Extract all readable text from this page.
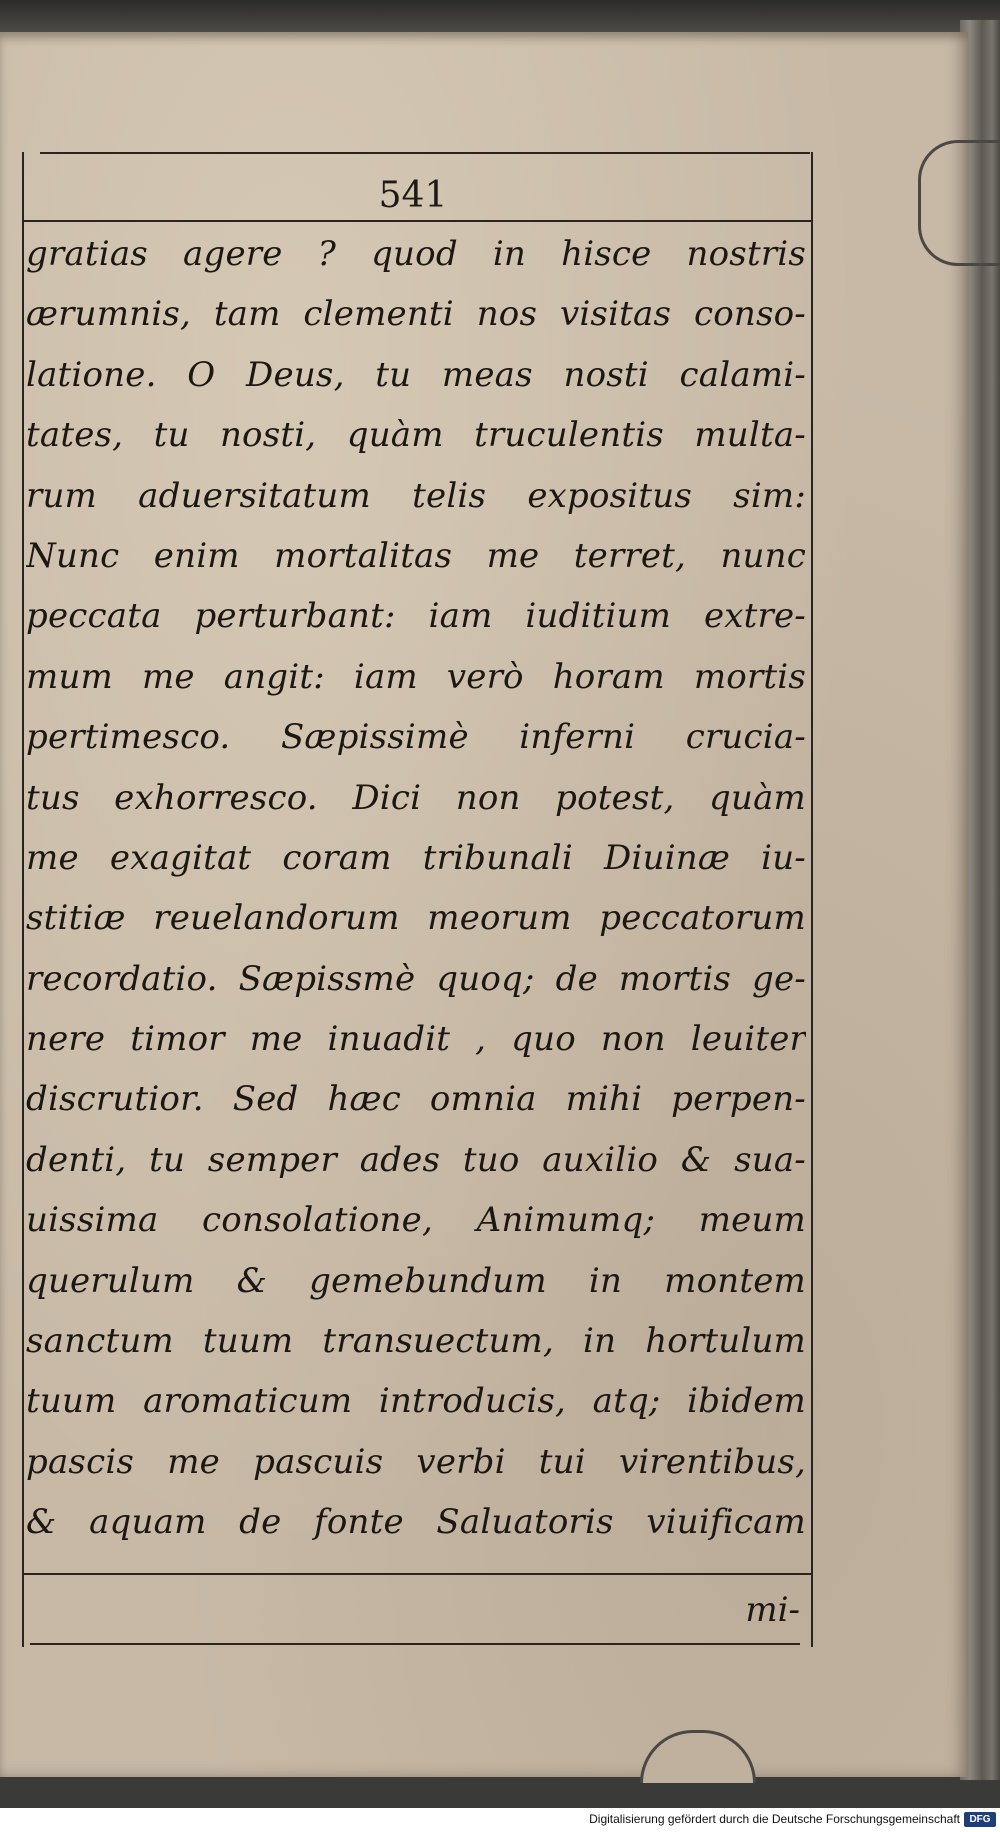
541
gratias agere ? quod in hisce nostris
ærumnis, tam clementi nos visitas conso-
latione. O Deus, tu meas nosti calami-
tates, tu nosti, quàm truculentis multa-
rum aduersitatum telis expositus sim:
Nunc enim mortalitas me terret, nunc
peccata perturbant: iam iuditium extre-
mum me angit: iam verò horam mortis
pertimesco. Sæpissimè inferni crucia-
tus exhorresco. Dici non potest, quàm
me exagitat coram tribunali Diuinæ iu-
stitiæ reuelandorum meorum peccatorum
recordatio. Sæpissmè quoq; de mortis ge-
nere timor me inuadit , quo non leuiter
discrutior. Sed hæc omnia mihi perpen-
denti, tu semper ades tuo auxilio & sua-
uissima consolatione, Animumq; meum
querulum & gemebundum in montem
sanctum tuum transuectum, in hortulum
tuum aromaticum introducis, atq; ibidem
pascis me pascuis verbi tui virentibus,
& aquam de fonte Saluatoris viuificam
mi-
Digitalisierung gefördert durch die Deutsche Forschungsgemeinschaft DFG
